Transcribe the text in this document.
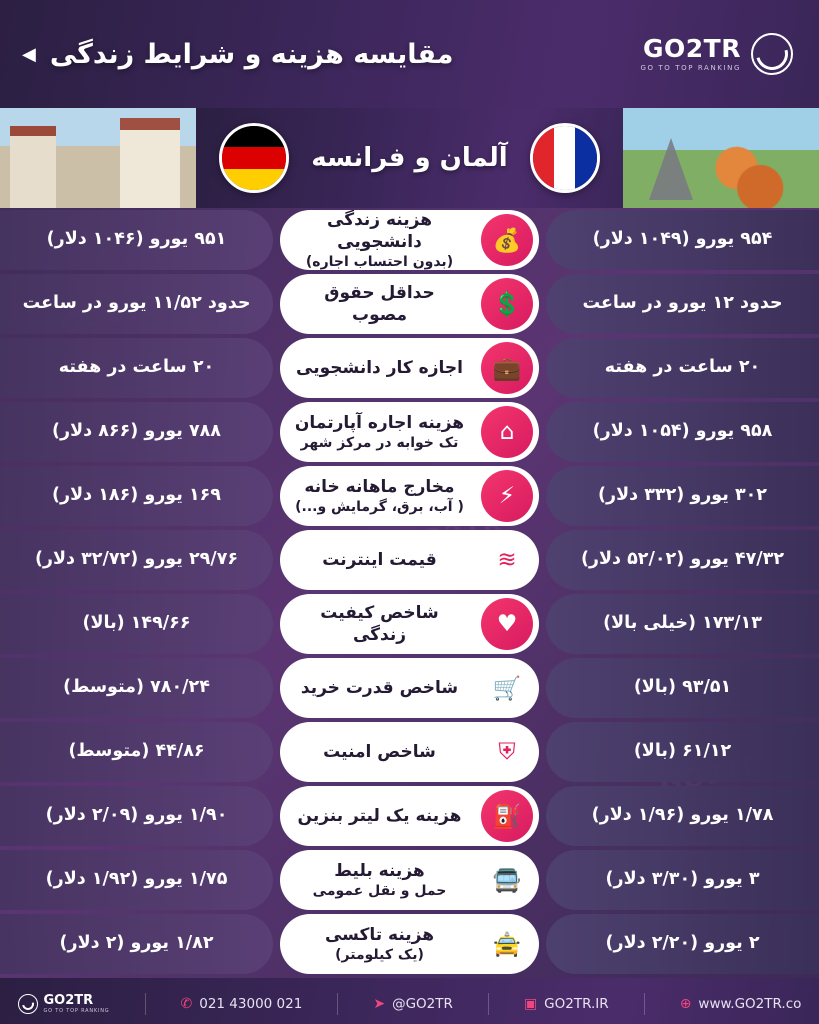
GO2TR
GO TO TOP RANKING
مقایسه هزینه و شرایط زندگی
◀
آلمان و فرانسه
۹۵۴ یورو (۱۰۴۹ دلار)
💰
هزینه زندگی دانشجویی
(بدون احتساب اجاره)
۹۵۱ یورو (۱۰۴۶ دلار)
حدود ۱۲ یورو در ساعت
💲
حداقل حقوق مصوب
حدود ۱۱/۵۲ یورو در ساعت
۲۰ ساعت در هفته
💼
اجازه کار دانشجویی
۲۰ ساعت در هفته
۹۵۸ یورو (۱۰۵۴ دلار)
⌂
هزینه اجاره آپارتمان
تک خوابه در مرکز شهر
۷۸۸ یورو (۸۶۶ دلار)
۳۰۲ یورو (۳۳۲ دلار)
⚡
مخارج ماهانه خانه
( آب، برق، گرمایش و...)
۱۶۹ یورو (۱۸۶ دلار)
۴۷/۳۲ یورو (۵۲/۰۲ دلار)
≋
قیمت اینترنت
۲۹/۷۶ یورو (۳۲/۷۲ دلار)
۱۷۳/۱۳ (خیلی بالا)
♥
شاخص کیفیت زندگی
۱۴۹/۶۶ (بالا)
۹۳/۵۱ (بالا)
🛒
شاخص قدرت خرید
۷۸۰/۲۴ (متوسط)
۶۱/۱۲ (بالا)
⛨
شاخص امنیت
۴۴/۸۶ (متوسط)
۱/۷۸ یورو (۱/۹۶ دلار)
⛽
هزینه یک لیتر بنزین
۱/۹۰ یورو (۲/۰۹ دلار)
۳ یورو (۳/۳۰ دلار)
🚍
هزینه بلیط
حمل و نقل عمومی
۱/۷۵ یورو (۱/۹۲ دلار)
۲ یورو (۲/۲۰ دلار)
🚖
هزینه تاکسی
(یک کیلومتر)
۱/۸۲ یورو (۲ دلار)
GO2TR
GO TO TOP RANKING	✆ 021 43000 021	➤ @GO2TR	▣ GO2TR.IR	⊕ www.GO2TR.co
